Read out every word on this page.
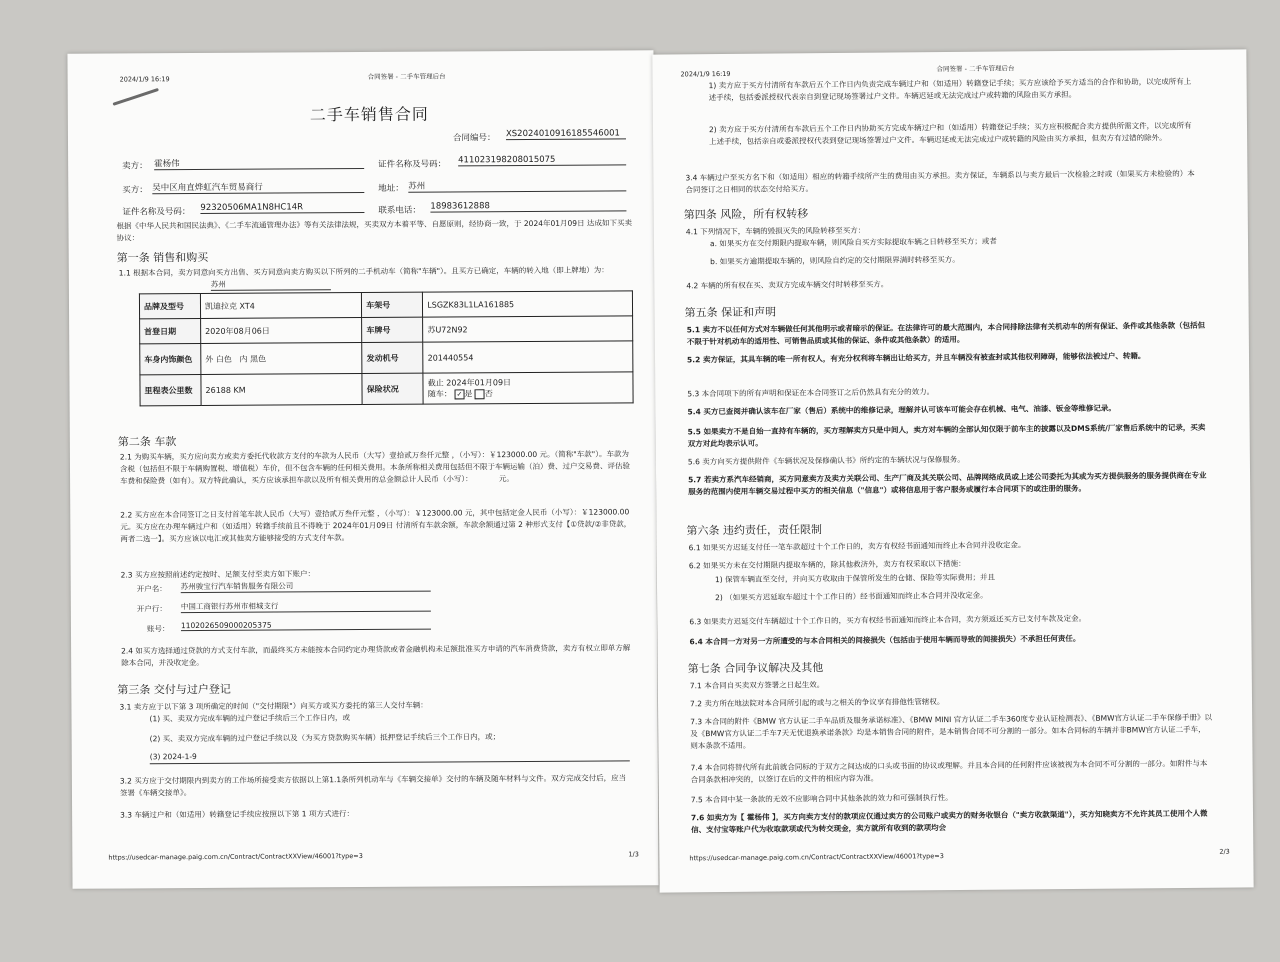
2024/1/9 16:19	合同签署 - 二手车管理后台
二手车销售合同
合同编号： XS2024010916185546001
卖方： 霍杨伟	证件名称及号码： 411023198208015075
买方： 吴中区甪直烨虹汽车贸易商行	地址： 苏州
证件名称及号码： 92320506MA1N8HC14R	联系电话： 18983612888
根据《中华人民共和国民法典》、《二手车流通管理办法》等有关法律法规，买卖双方本着平等、自愿原则，经协商一致，于 2024年01月09日 达成如下买卖协议：
第一条 销售和购买
1.1 根据本合同，卖方同意向买方出售、买方同意向卖方购买以下所列的二手机动车（简称"车辆"）。且买方已确定，车辆的转入地（即上牌地）为：
苏州
品牌及型号	凯迪拉克 XT4	车架号	LSGZK83L1LA161885
首登日期	2020年08月06日	车牌号	苏U72N92
车身内饰颜色	外 白色 内 黑色	发动机号	201440554
里程表公里数	26188 KM	保险状况	截止 2024年01月09日
随车： ✓ 是 否
第二条 车款
2.1 为购买车辆，买方应向卖方或卖方委托代收款方支付的车款为人民币（大写）壹拾贰万叁仟元整 ，（小写）：￥123000.00 元。（简称"车款"）。车款为含税（包括但不限于车辆购置税、增值税）车价，但不包含车辆的任何相关费用。本条所称相关费用包括但不限于车辆运输（泊）费、过户交易费、评估验车费和保险费（如有）。双方特此确认，买方应该承担车款以及所有相关费用的总金额总计人民币（小写）：　　　　元。
2.2 买方应在本合同签订之日支付首笔车款人民币（大写）壹拾贰万叁仟元整 ，（小写）：￥123000.00 元，其中包括定金人民币（小写）：￥123000.00 元。买方应在办理车辆过户和（如适用）转籍手续前且不得晚于 2024年01月09日 付清所有车款余额，车款余额通过第 2 种形式支付【①贷款/②非贷款，两者二选一】。买方应该以电汇或其他卖方能够接受的方式支付车款。
2.3 买方应按照前述约定按时、足额支付至卖方如下账户：
开户名： 苏州骏宝行汽车销售服务有限公司
开户行： 中国工商银行苏州市相城支行
账号： 1102026509000205375
2.4 如买方选择通过贷款的方式支付车款，而最终买方未能按本合同约定办理贷款或者金融机构未足额批准买方申请的汽车消费贷款，卖方有权立即单方解除本合同，并没收定金。
第三条 交付与过户登记
3.1 卖方应于以下第 3 项所确定的时间（"交付期限"）向买方或买方委托的第三人交付车辆：
(1) 买、卖双方完成车辆的过户登记手续后三个工作日内，或
(2) 买、卖双方完成车辆的过户登记手续以及（为买方贷款购买车辆）抵押登记手续后三个工作日内，或；
(3) 2024-1-9
3.2 买方应于交付期限内到卖方的工作场所接受卖方依据以上第1.1条所列机动车与《车辆交接单》交付的车辆及随车材料与文件。双方完成交付后，应当签署《车辆交接单》。
3.3 车辆过户和（如适用）转籍登记手续应按照以下第 1 项方式进行：
https://usedcar-manage.paig.com.cn/Contract/ContractXXView/46001?type=3	1/3
2024/1/9 16:19
合同签署 - 二手车管理后台
1) 卖方应于买方付清所有车款后五个工作日内负责完成车辆过户和（如适用）转籍登记手续；买方应该给予买方适当的合作和协助，以完成所有上述手续，包括委派授权代表亲自到登记现场签署过户文件。车辆迟延或无法完成过户或转籍的风险由买方承担。
2) 卖方应于买方付清所有车款后五个工作日内协助买方完成车辆过户和（如适用）转籍登记手续；买方应积极配合卖方提供所需文件，以完成所有上述手续，包括亲自或委派授权代表到登记现场签署过户文件。车辆迟延或无法完成过户或转籍的风险由买方承担，但卖方有过错的除外。
3.4 车辆过户至买方名下和（如适用）相应的转籍手续所产生的费用由买方承担。卖方保证，车辆系以与卖方最后一次检验之时或（如果买方未检验的）本合同签订之日相同的状态交付给买方。
第四条 风险，所有权转移
4.1 下列情况下，车辆的毁损灭失的风险转移至买方：
a. 如果买方在交付期限内提取车辆，则风险自买方实际提取车辆之日转移至买方；或者
b. 如果买方逾期提取车辆的，则风险自约定的交付期限界满时转移至买方。
4.2 车辆的所有权在买、卖双方完成车辆交付时转移至买方。
第五条 保证和声明
5.1 卖方不以任何方式对车辆做任何其他明示或者暗示的保证。在法律许可的最大范围内，本合同排除法律有关机动车的所有保证、条件或其他条款（包括但不限于针对机动车的适用性、可销售品质或其他的保证、条件或其他条款）的适用。
5.2 卖方保证，其具车辆的唯一所有权人，有充分权利将车辆出让给买方，并且车辆没有被查封或其他权利障碍，能够依法被过户、转籍。
5.3 本合同项下的所有声明和保证在本合同签订之后仍然具有充分的效力。
5.4 买方已查阅并确认该车在厂家（售后）系统中的维修记录，理解并认可该车可能会存在机械、电气、油漆、钣金等维修记录。
5.5 如果卖方不是自始一直持有车辆的，买方理解卖方只是中间人，卖方对车辆的全部认知仅限于前车主的披露以及DMS系统/厂家售后系统中的记录，买卖双方对此均表示认可。
5.6 卖方向买方提供附件《车辆状况及保修确认书》所约定的车辆状况与保修服务。
5.7 若卖方系汽车经销商，买方同意卖方及卖方关联公司、生产厂商及其关联公司、品牌网络成员或上述公司委托为其或为买方提供服务的服务提供商在专业服务的范围内使用车辆交易过程中买方的相关信息（"信息"）或将信息用于客户服务或履行本合同项下的或注册的服务。
第六条 违约责任，责任限制
6.1 如果买方迟延支付任一笔车款超过十个工作日的，卖方有权经书面通知而终止本合同并没收定金。
6.2 如果买方未在交付期限内提取车辆的，除其他救济外，卖方有权采取以下措施：
1) 保管车辆直至交付，并向买方收取由于保管所发生的仓储、保险等实际费用；并且
2) （如果买方迟延取车超过十个工作日的）经书面通知而终止本合同并没收定金。
6.3 如果卖方迟延交付车辆超过十个工作日的，买方有权经书面通知而终止本合同，卖方须返还买方已支付车款及定金。
6.4 本合同一方对另一方所遭受的与本合同相关的间接损失（包括由于使用车辆而导致的间接损失）不承担任何责任。
第七条 合同争议解决及其他
7.1 本合同自买卖双方签署之日起生效。
7.2 卖方所在地法院对本合同所引起的或与之相关的争议享有排他性管辖权。
7.3 本合同的附件《BMW 官方认证二手车品质及服务承诺标准》、《BMW MINI 官方认证二手车360度专业认证检测表》、《BMW官方认证二手车保修手册》以及《BMW官方认证二手车7天无忧退换承诺条款》均是本销售合同的附件，是本销售合同不可分割的一部分。如本合同标的车辆并非BMW官方认证二手车，则本条款不适用。
7.4 本合同将替代所有此前就合同标的于双方之间达成的口头或书面的协议或理解。并且本合同的任何附件应该被视为本合同不可分割的一部分。如附件与本合同条款相冲突的，以签订在后的文件的相应内容为准。
7.5 本合同中某一条款的无效不应影响合同中其他条款的效力和可强制执行性。
7.6 如卖方为【 霍杨伟 】，买方向卖方支付的款项应仅通过卖方的公司账户或卖方的财务收银台（"卖方收款渠道"），买方知晓卖方不允许其员工使用个人微信、支付宝等账户代为收取款项或代为转交现金，卖方就所有收到的款项均会
https://usedcar-manage.paig.com.cn/Contract/ContractXXView/46001?type=3
2/3
